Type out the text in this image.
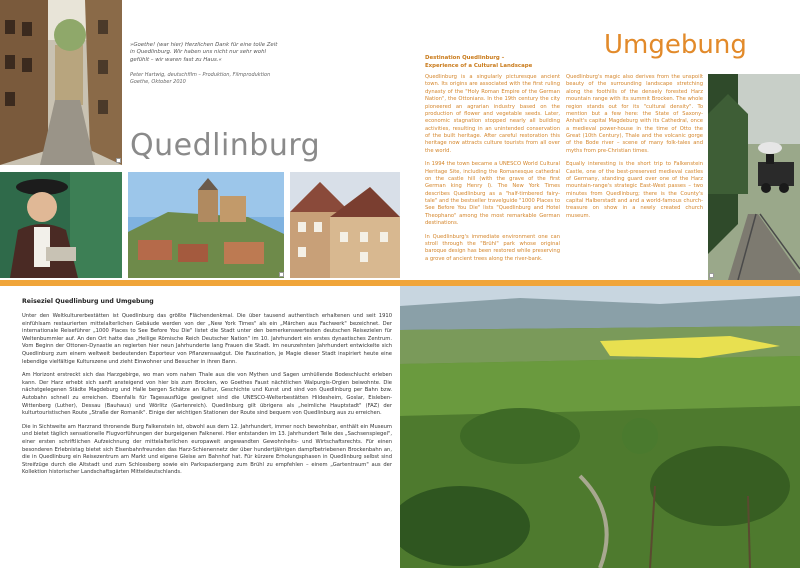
»Goethe! (war hier) Herzlichen Dank für eine tolle Zeit in Quedlinburg. Wir haben uns nicht nur sehr wohl gefühlt – wir waren fast zu Haus.«
Peter Hartwig, deutschfilm – Produktion, Filmproduktion Goethe, Oktober 2010
Quedlinburg
Umgebung
Destination Quedlinburg –
Experience of a Cultural Landscape

Quedlinburg is a singularly picturesque ancient town. Its origins are associated with the first ruling dynasty of the "Holy Roman Empire of the German Nation", the Ottonians. In the 19th century the city pioneered an agrarian industry based on the production of flower and vegetable seeds. Later, economic stagnation stopped nearly all building activities, resulting in an unintended conservation of the built heritage. After careful restoration this heritage now attracts culture tourists from all over the world.

In 1994 the town became a UNESCO World Cultural Heritage Site, including the Romanesque cathedral on the castle hill (with the grave of the first German king Henry I). The New York Times describes Quedlinburg as a "half-timbered fairy-tale" and the bestseller travelguide "1000 Places to See Before You Die" lists "Quedlinburg and Hotel Theophano" among the most remarkable German destinations.

In Quedlinburg's immediate environment one can stroll through the "Brühl" park whose original baroque design has been restored while preserving a grove of ancient trees along the river-bank.

Quedlinburg's magic also derives from the unspoilt beauty of the surrounding landscape stretching along the foothills of the densely forested Harz mountain range with its summit Brocken. The whole region stands out for its "cultural density". To mention but a few here: the State of Saxony-Anhalt's capital Magdeburg with its Cathedral, once a medieval power-house in the time of Otto the Great (10th Century), Thale and the volcanic gorge of the Bode river – scene of many folk-tales and myths from pre-Christian times.

Equally interesting is the short trip to Falkenstein Castle, one of the best-preserved medieval castles of Germany, standing guard over one of the Harz mountain-range's strategic East-West passes – two minutes from Quedlinburg; there is the County's capital Halberstadt and and a world-famous church-treasure on show in a newly created church museum.

Reiseziel Quedlinburg und Umgebung

Unter den Weltkulturerbestätten ist Quedlinburg das größte Flächendenkmal. Die über tausend authentisch erhaltenen und seit 1910 einfühlsam restaurierten mittelalterlichen Gebäude werden von der „New York Times" als ein „Märchen aus Fachwerk" bezeichnet. Der internationale Reiseführer „1000 Places to See Before You Die" listet die Stadt unter den bemerkenswertesten deutschen Reisezielen für Weltenbummler auf. An den Ort hatte das „Heilige Römische Reich Deutscher Nation" im 10. Jahrhundert ein erstes dynastisches Zentrum. Vom Beginn der Ottonen-Dynastie an regierten hier neun Jahrhunderte lang Frauen die Stadt. Im neunzehnten Jahrhundert entwickelte sich Quedlinburg zum einem weltweit bedeutenden Exporteur von Pflanzensaatgut. Die Faszination, je Magie dieser Stadt inspiriert heute eine lebendige vielfältige Kulturszene und zieht Einwohner und Besucher in ihren Bann.

Am Horizont erstreckt sich das Harzgebirge, wo man vom nahen Thale aus die von Mythen und Sagen umhüllende Bodeschlucht erleben kann. Der Harz erhebt sich sanft ansteigend von hier bis zum Brocken, wo Goethes Faust nächtlichen Walpurgis-Orgien beiwohnte. Die nächstgelegenen Städte Magdeburg und Halle bergen Schätze an Kultur, Geschichte und Kunst und sind von Quedlinburg per Bahn bzw. Autobahn schnell zu erreichen. Ebenfalls für Tagesausflüge geeignet sind die UNESCO-Welterbestätten Hildesheim, Goslar, Eisleben-Wittenberg (Luther), Dessau (Bauhaus) und Wörlitz (Gartenreich). Quedlinburg gilt übrigens als „heimliche Hauptstadt" (FAZ) der kulturtouristischen Route „Straße der Romanik". Einige der wichtigen Stationen der Route sind bequem von Quedlinburg aus zu erreichen.

Die in Sichtweite am Harzrand thronende Burg Falkenstein ist, obwohl aus dem 12. Jahrhundert, immer noch bewohnbar, enthält ein Museum und bietet täglich sensationelle Flugvorführungen der burgeigenen Falknerei. Hier entstanden im 13. Jahrhundert Teile des „Sachsenspiegel", einer ersten schriftlichen Aufzeichnung der mittelalterlichen europaweit angewandten Gewohnheits- und Wirtschaftsrechts. Für einen besonderen Erlebnistag bietet sich Eisenbahnfreunden das Harz-Schienennetz der über hundertjährigen dampfbetriebenen Brockenbahn an, die in Quedlinburg ein Reisezentrum am Markt und eigene Gleise am Bahnhof hat. Für kürzere Erholungsphasen in Quedlinburg selbst sind Streifzüge durch die Altstadt und zum Schlossberg sowie ein Parkspaziergang zum Brühl zu empfehlen – einem „Gartentraum" aus der Kollektion historischer Landschaftsgärten Mitteldeutschlands.
